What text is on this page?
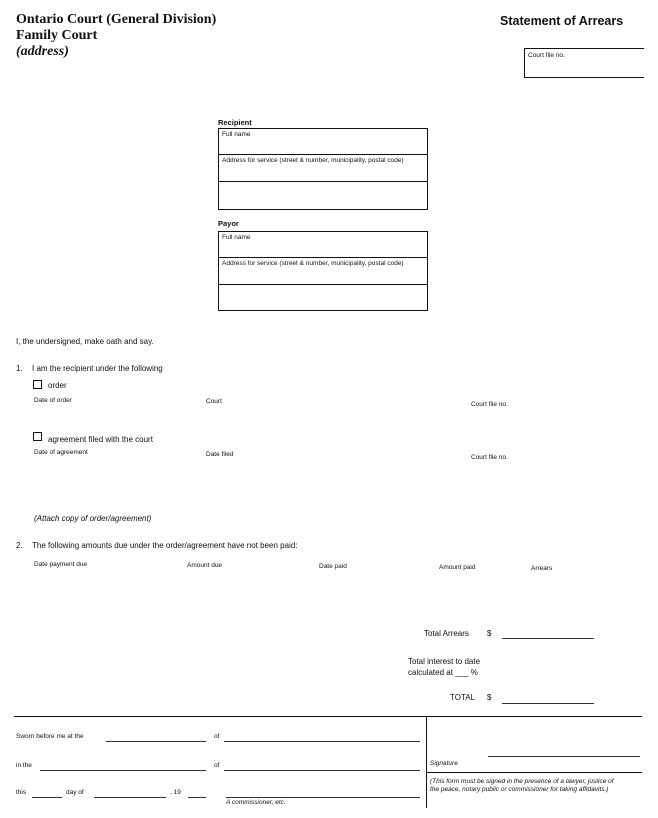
Ontario Court (General Division)
Family Court
(address)
Statement of Arrears
Court file no.
Recipient
Full name
Address for service (street & number, municipality, postal code)
Payor
Full name
Address for service (street & number, municipality, postal code)
I, the undersigned, make oath and say.
1. I am the recipient under the following
order
Date of order	Court	Court file no.
agreement filed with the court
Date of agreement	Date filed	Court file no.
(Attach copy of order/agreement)
2. The following amounts due under the order/agreement have not been paid:
Date payment due	Amount due	Date paid	Amount paid	Arrears
Total Arrears $
Total interest to date
calculated at ___ %
TOTAL $
Sworn before me at the	of
in the	of
this	day of	, 19
A commissioner, etc.
Signature
(This form must be signed in the presence of a lawyer, justice of the peace, notary public or commissioner for taking affidavits.)
